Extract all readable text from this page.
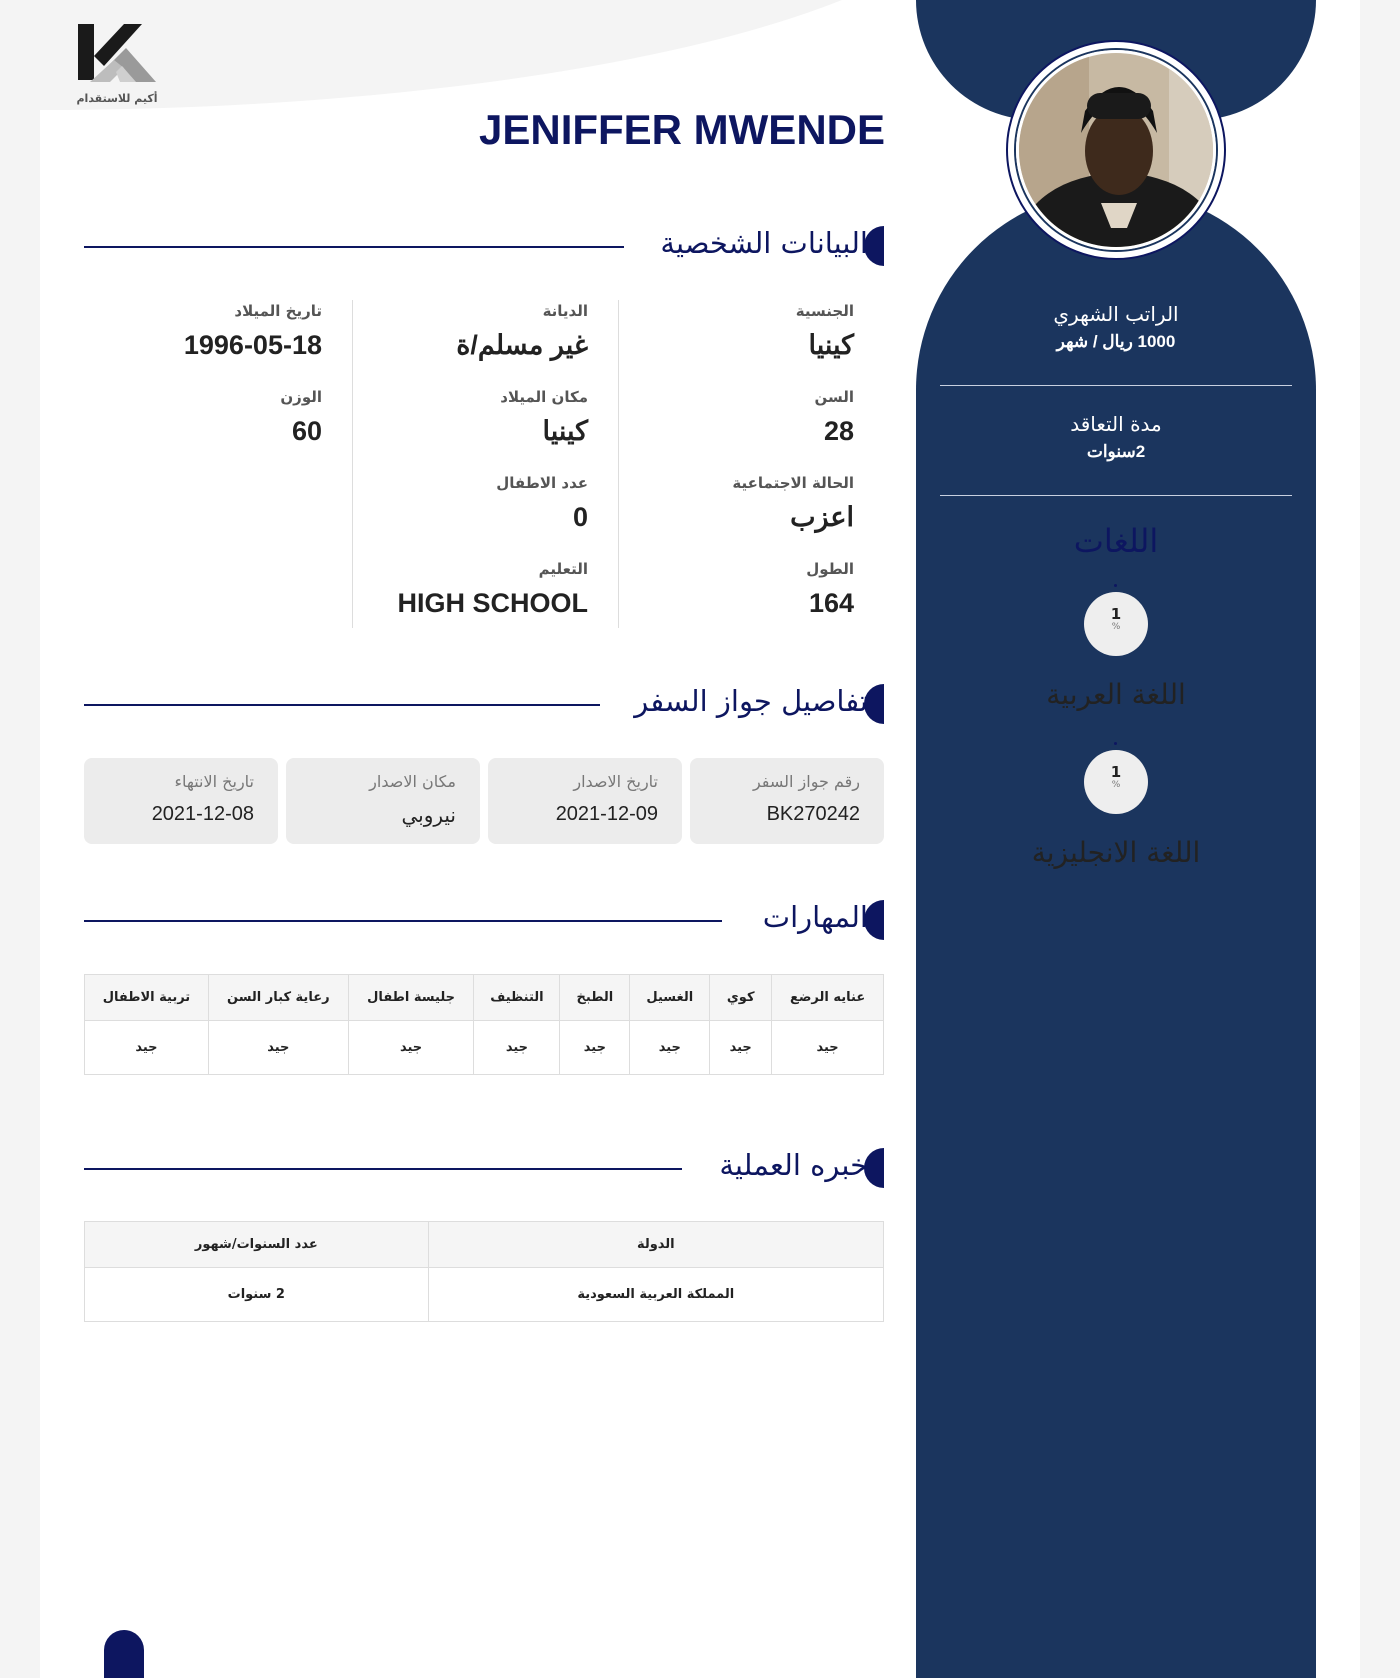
أكيم للاستقدام
الراتب الشهري
1000 ريال / شهر
مدة التعاقد
2سنوات
اللغات
1
%
اللغة العربية
1
%
اللغة الانجليزية
JENIFFER MWENDE
البيانات الشخصية
الجنسية
كينيا
الديانة
غير مسلم/ة
تاريخ الميلاد
1996-05-18
السن
28
مكان الميلاد
كينيا
الوزن
60
الحالة الاجتماعية
اعزب
عدد الاطفال
0
الطول
164
التعليم
HIGH SCHOOL
تفاصيل جواز السفر
رقم جواز السفر
BK270242
تاريخ الاصدار
2021-12-09
مكان الاصدار
نيروبي
تاريخ الانتهاء
2021-12-08
المهارات
عنايه الرضع	كوي	الغسيل	الطبخ	التنظيف	جليسة اطفال	رعاية كبار السن	تربية الاطفال
جيد	جيد	جيد	جيد	جيد	جيد	جيد	جيد
خبره العملية
الدولة	عدد السنوات/شهور
المملكة العربية السعودية	2 سنوات
